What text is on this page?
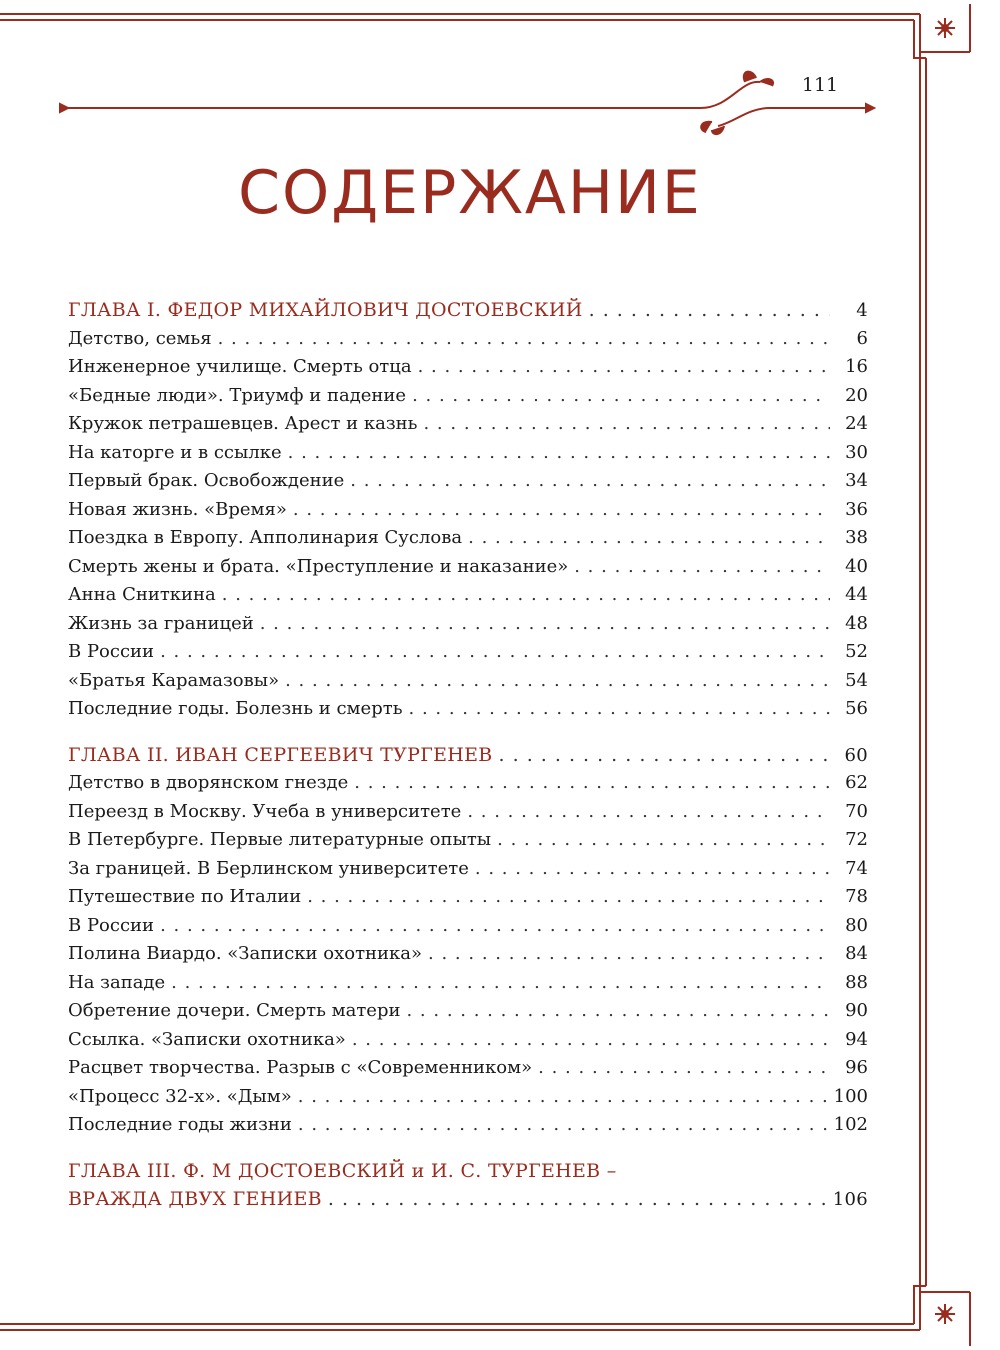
111
СОДЕРЖАНИЕ
ГЛАВА I. ФЕДОР МИХАЙЛОВИЧ ДОСТОЕВСКИЙ . . .	4
Детство, семья . . .	6
Инженерное училище. Смерть отца . . .	16
«Бедные люди». Триумф и падение . . .	20
Кружок петрашевцев. Арест и казнь . . .	24
На каторге и в ссылке . . .	30
Первый брак. Освобождение . . .	34
Новая жизнь. «Время» . . .	36
Поездка в Европу. Апполинария Суслова . . .	38
Смерть жены и брата. «Преступление и наказание» . . .	40
Анна Сниткина . . .	44
Жизнь за границей . . .	48
В России . . .	52
«Братья Карамазовы» . . .	54
Последние годы. Болезнь и смерть . . .	56
ГЛАВА II. ИВАН СЕРГЕЕВИЧ ТУРГЕНЕВ . . .	60
Детство в дворянском гнезде . . .	62
Переезд в Москву. Учеба в университете . . .	70
В Петербурге. Первые литературные опыты . . .	72
За границей. В Берлинском университете . . .	74
Путешествие по Италии . . .	78
В России . . .	80
Полина Виардо. «Записки охотника» . . .	84
На западе . . .	88
Обретение дочери. Смерть матери . . .	90
Ссылка. «Записки охотника» . . .	94
Расцвет творчества. Разрыв с «Современником» . . .	96
«Процесс 32-х». «Дым» . . .	100
Последние годы жизни . . .	102
ГЛАВА III. Ф. М ДОСТОЕВСКИЙ и И. С. ТУРГЕНЕВ –
ВРАЖДА ДВУХ ГЕНИЕВ . . .	106
